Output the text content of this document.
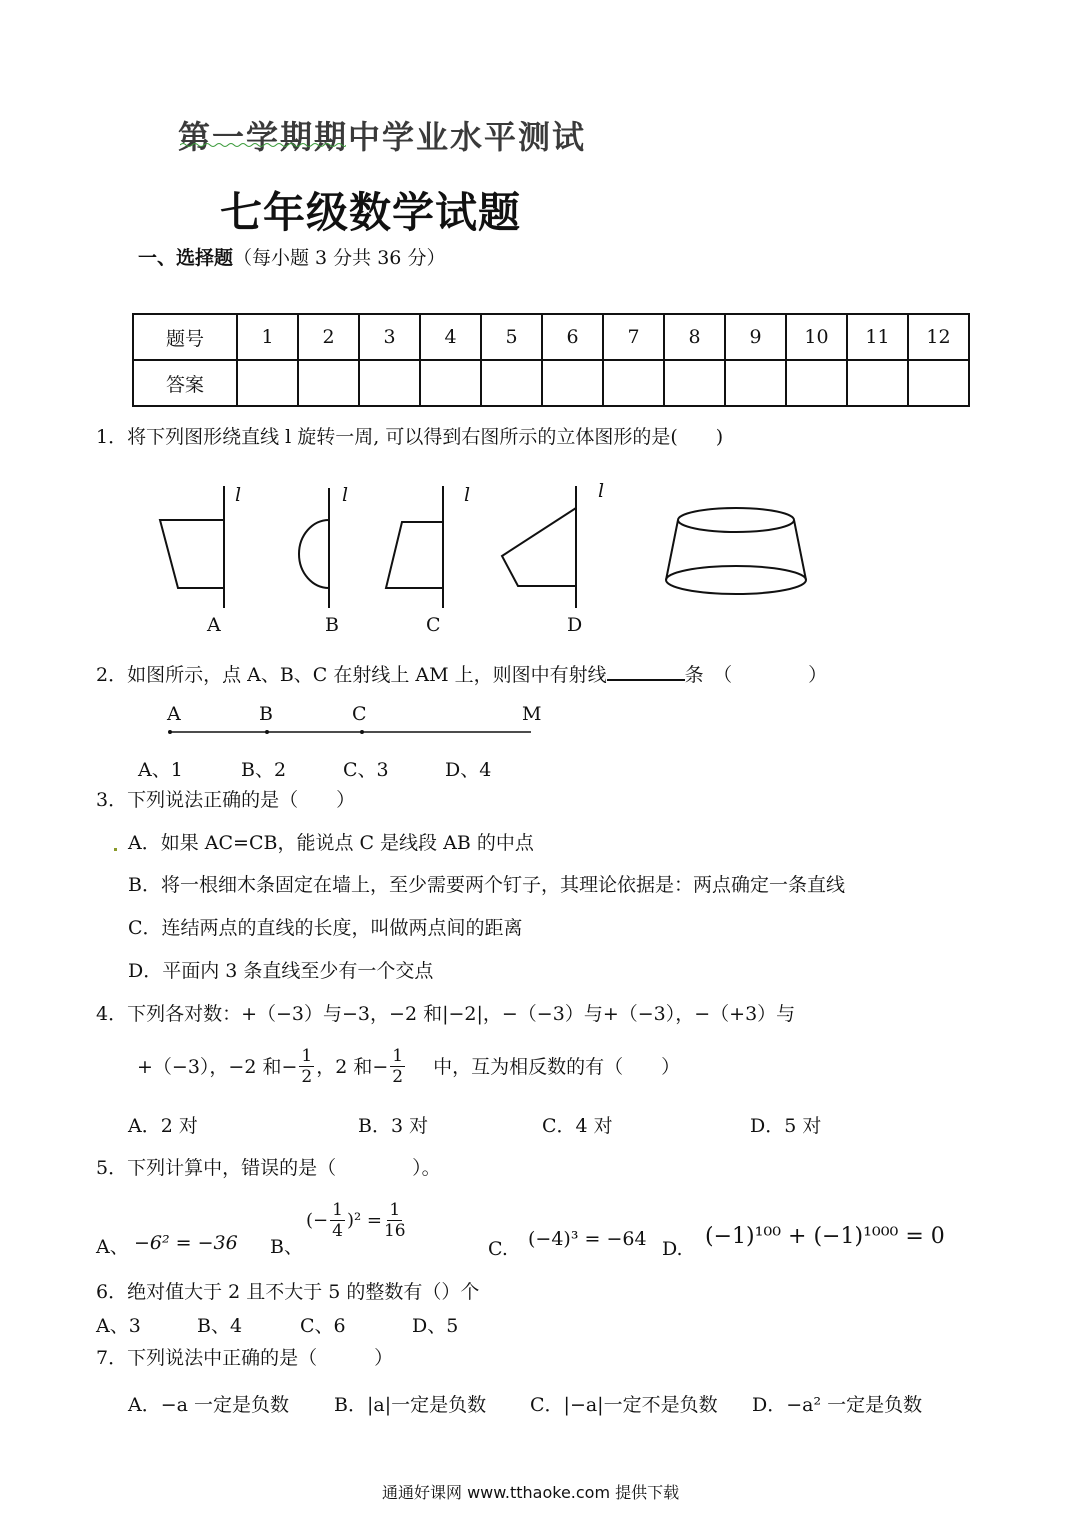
第一学期期中学业水平测试
七年级数学试题
一、选择题（每小题 3 分共 36 分）
题号	1	2	3	4	5	6	7	8	9	10	11	12
答案												
1．将下列图形绕直线 l 旋转一周, 可以得到右图所示的立体图形的是(　　)
l	l	l	l
A	B	C	D
2．如图所示，点 A、B、C 在射线上 AM 上，则图中有射线	条　（　　　　）
A	B	C	M
A、1	B、2	C、3	D、4
3．下列说法正确的是（　　）
A．如果 AC=CB，能说点 C 是线段 AB 的中点
B．将一根细木条固定在墙上，至少需要两个钉子，其理论依据是：两点确定一条直线
C．连结两点的直线的长度，叫做两点间的距离
D．平面内 3 条直线至少有一个交点
4．下列各对数：+（−3）与−3，−2 和|−2|，−（−3）与+（−3），−（+3）与
+（−3），−2 和− $\frac{1}{2}$ ，2 和− $\frac{1}{2}$ 中，互为相反数的有（　　）
A．2 对	B．3 对	C．4 对	D．5 对
5．下列计算中，错误的是（　　　　）。
A、 −6² = −36 B、
(− $\frac{1}{4} )^2 = \frac{1}{16}$
C. (−4)³ = −64 D. (−1)¹⁰⁰ + (−1)¹⁰⁰⁰ = 0
6．绝对值大于 2 且不大于 5 的整数有（）个
A、3	B、4	C、6	D、5
7．下列说法中正确的是（　　　）
A．−a 一定是负数 B．|a|一定是负数 C．|−a|一定不是负数 D．−a² 一定是负数
通通好课网 www.tthaoke.com 提供下载
